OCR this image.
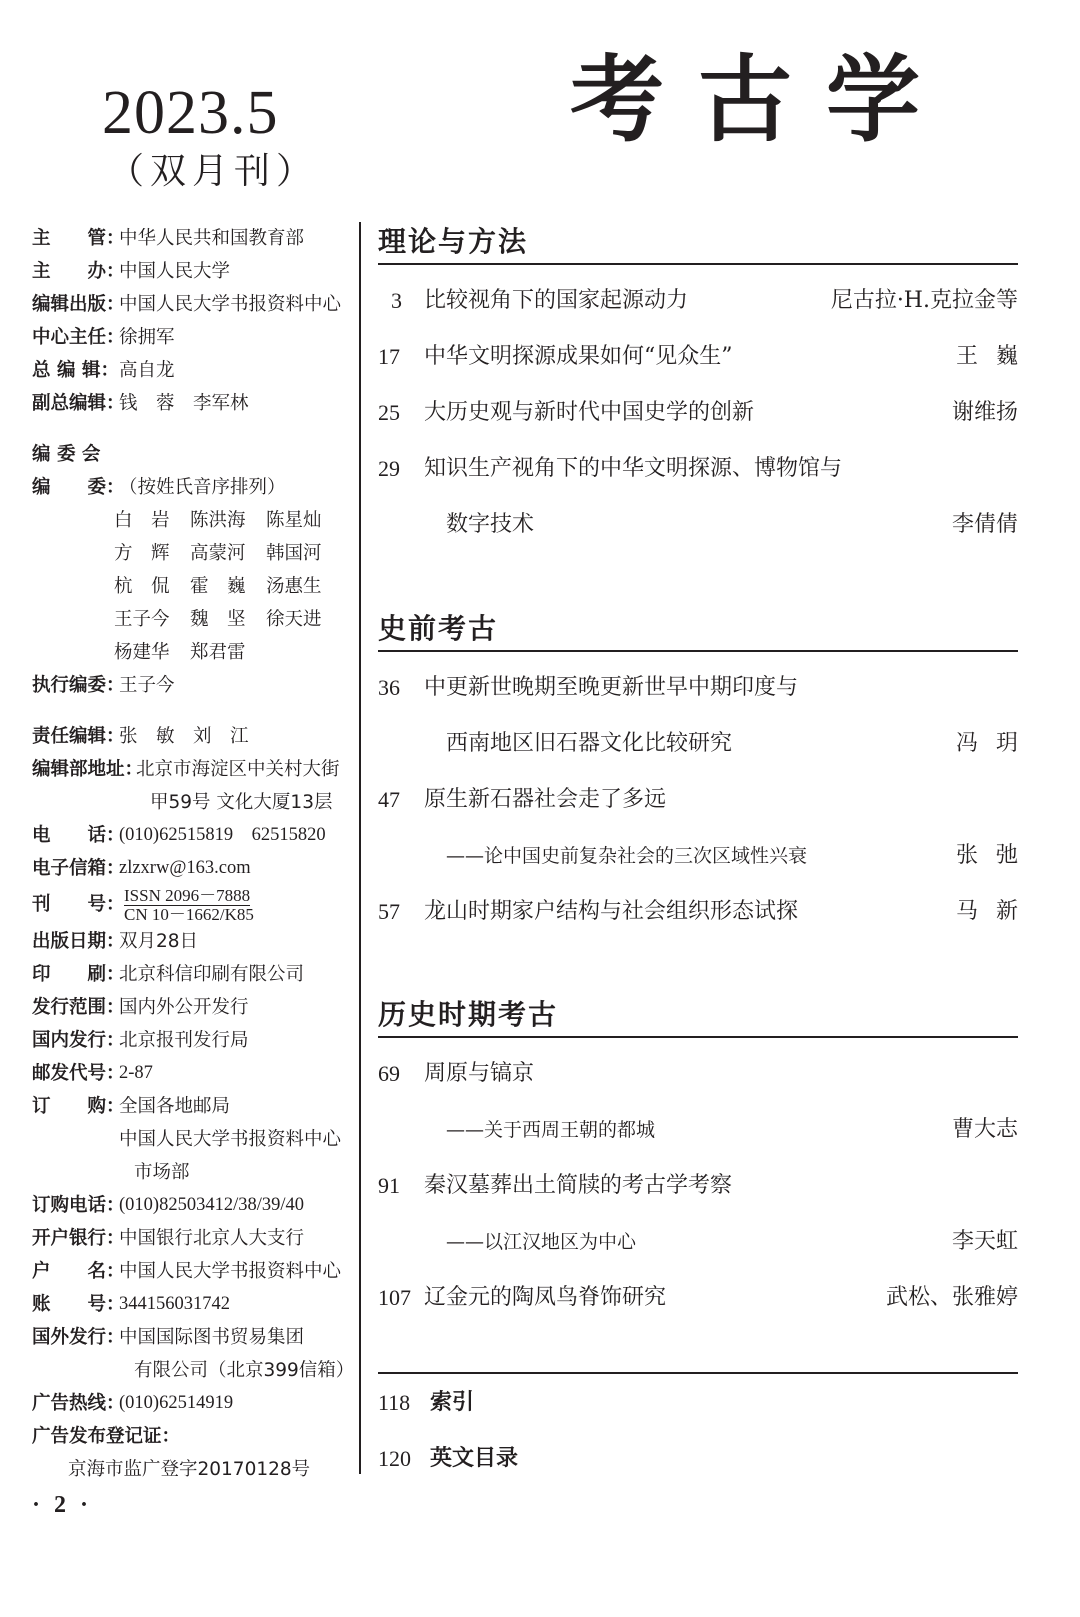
2023.5
（双月刊）
考古学
主　　管：
中华人民共和国教育部
主　　办：
中国人民大学
编辑出版：
中国人民大学书报资料中心
中心主任：
徐拥军
总 编 辑： 高自龙
副总编辑：
钱　蓉　李军林
编 委 会
编　　委：
（按姓氏音序排列）
白　岩 陈洪海 陈星灿
方　辉 高蒙河 韩国河
杭　侃 霍　巍 汤惠生
王子今 魏　坚 徐天进
杨建华 郑君雷
执行编委：
王子今
责任编辑：
张　敏　刘　江
编辑部地址：
北京市海淀区中关村大街
甲59号 文化大厦13层
电　　话：
(010)62515819　62515820
电子信箱：
zlzxrw@163.com
刊　　号： ISSN 2096－7888
CN 10－1662/K85
出版日期：
双月28日
印　　刷：
北京科信印刷有限公司
发行范围：
国内外公开发行
国内发行：
北京报刊发行局
邮发代号：
2-87
订　　购：
全国各地邮局
中国人民大学书报资料中心
市场部
订购电话：
(010)82503412/38/39/40
开户银行：
中国银行北京人大支行
户　　名：
中国人民大学书报资料中心
账　　号：
344156031742
国外发行：
中国国际图书贸易集团
有限公司（北京399信箱）
广告热线：
(010)62514919
广告发布登记证：
京海市监广登字20170128号
理论与方法
3 比较视角下的国家起源动力	尼古拉·H.克拉金等
17 中华文明探源成果如何“见众生”	王巍
25 大历史观与新时代中国史学的创新	谢维扬
29 知识生产视角下的中华文明探源、博物馆与
数字技术	李倩倩
史前考古
36 中更新世晚期至晚更新世早中期印度与
西南地区旧石器文化比较研究	冯玥
47 原生新石器社会走了多远
——论中国史前复杂社会的三次区域性兴衰	张弛
57 龙山时期家户结构与社会组织形态试探	马新
历史时期考古
69 周原与镐京
——关于西周王朝的都城	曹大志
91 秦汉墓葬出土简牍的考古学考察
——以江汉地区为中心	李天虹
107 辽金元的陶凤鸟脊饰研究	武松、张雅婷
118 索引
120 英文目录
· 2 ·
